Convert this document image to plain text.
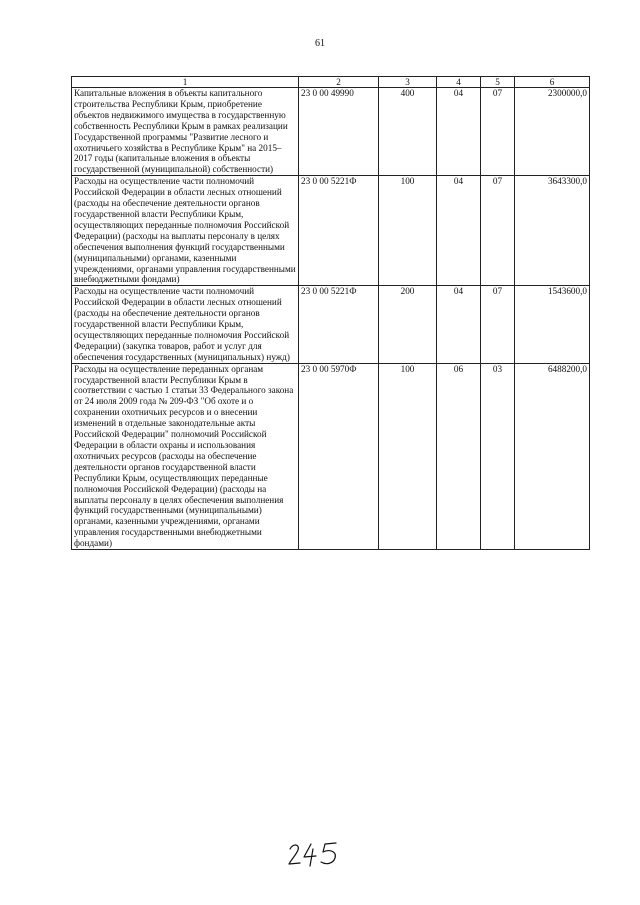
61
1	2	3	4	5	6
Капитальные вложения в объекты капитального строительства Республики Крым, приобретение объектов недвижимого имущества в государственную собственность Республики Крым в рамках реализации Государственной программы "Развитие лесного и охотничьего хозяйства в Республике Крым" на 2015–2017 годы (капитальные вложения в объекты государственной (муниципальной) собственности)	23 0 00 49990	400	04	07	2300000,0
Расходы на осуществление части полномочий Российской Федерации в области лесных отношений (расходы на обеспечение деятельности органов государственной власти Республики Крым, осуществляющих переданные полномочия Российской Федерации) (расходы на выплаты персоналу в целях обеспечения выполнения функций государственными (муниципальными) органами, казенными учреждениями, органами управления государственными внебюджетными фондами)	23 0 00 5221Ф	100	04	07	3643300,0
Расходы на осуществление части полномочий Российской Федерации в области лесных отношений (расходы на обеспечение деятельности органов государственной власти Республики Крым, осуществляющих переданные полномочия Российской Федерации) (закупка товаров, работ и услуг для обеспечения государственных (муниципальных) нужд)	23 0 00 5221Ф	200	04	07	1543600,0
Расходы на осуществление переданных органам государственной власти Республики Крым в соответствии с частью 1 статьи 33 Федерального закона от 24 июля 2009 года № 209-ФЗ "Об охоте и о сохранении охотничьих ресурсов и о внесении изменений в отдельные законодательные акты Российской Федерации" полномочий Российской Федерации в области охраны и использования охотничьих ресурсов (расходы на обеспечение деятельности органов государственной власти Республики Крым, осуществляющих переданные полномочия Российской Федерации) (расходы на выплаты персоналу в целях обеспечения выполнения функций государственными (муниципальными) органами, казенными учреждениями, органами управления государственными внебюджетными фондами)	23 0 00 5970Ф	100	06	03	6488200,0
